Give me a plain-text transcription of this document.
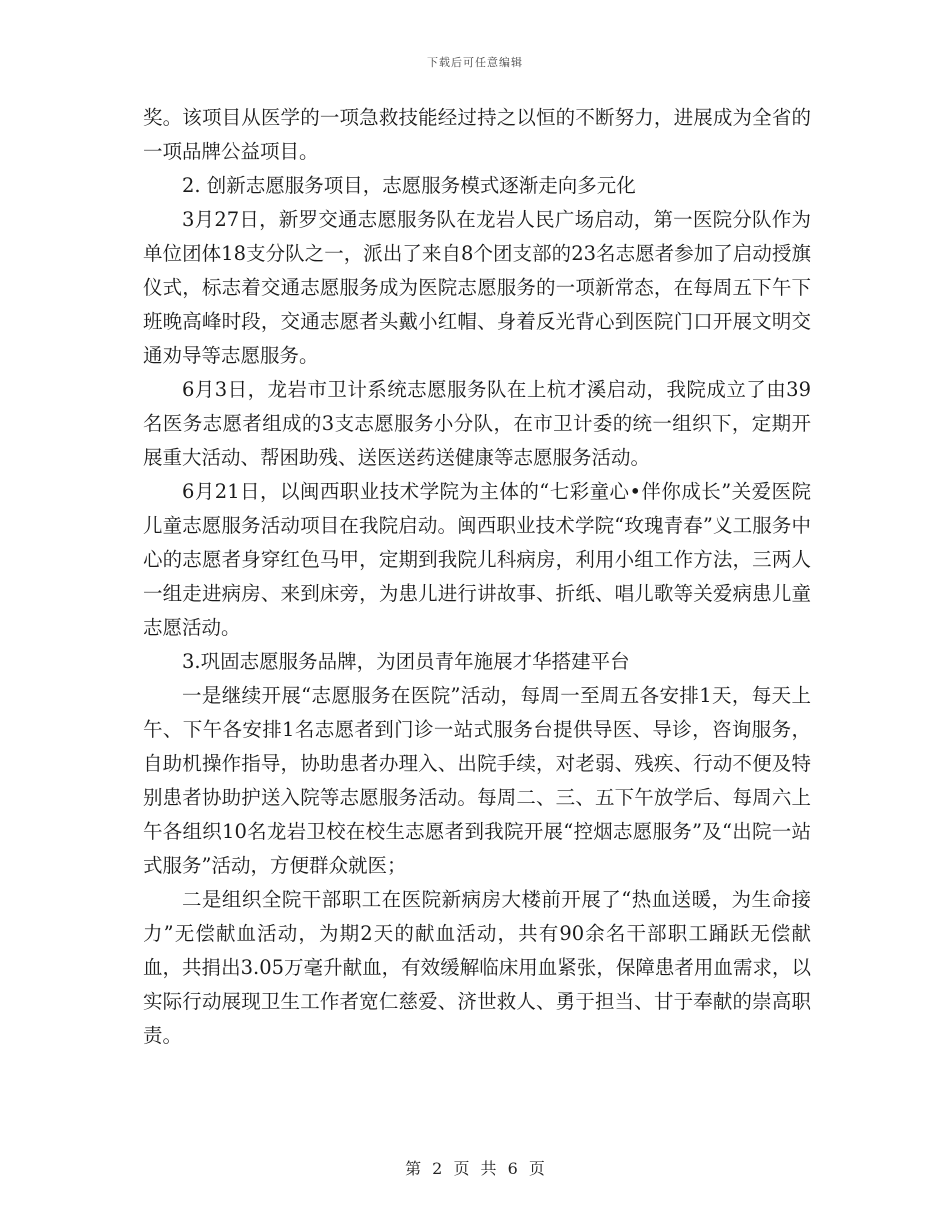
下载后可任意编辑

奖。该项目从医学的一项急救技能经过持之以恒的不断努力，进展成为全省的一项品牌公益项目。

2. 创新志愿服务项目，志愿服务模式逐渐走向多元化

3月27日，新罗交通志愿服务队在龙岩人民广场启动，第一医院分队作为单位团体18支分队之一，派出了来自8个团支部的23名志愿者参加了启动授旗仪式，标志着交通志愿服务成为医院志愿服务的一项新常态，在每周五下午下班晚高峰时段，交通志愿者头戴小红帽、身着反光背心到医院门口开展文明交通劝导等志愿服务。

6月3日，龙岩市卫计系统志愿服务队在上杭才溪启动，我院成立了由39名医务志愿者组成的3支志愿服务小分队，在市卫计委的统一组织下，定期开展重大活动、帮困助残、送医送药送健康等志愿服务活动。

6月21日，以闽西职业技术学院为主体的“七彩童心•伴你成长”关爱医院儿童志愿服务活动项目在我院启动。闽西职业技术学院“玫瑰青春”义工服务中心的志愿者身穿红色马甲，定期到我院儿科病房，利用小组工作方法，三两人一组走进病房、来到床旁，为患儿进行讲故事、折纸、唱儿歌等关爱病患儿童志愿活动。

3.巩固志愿服务品牌，为团员青年施展才华搭建平台

一是继续开展“志愿服务在医院”活动，每周一至周五各安排1天，每天上午、下午各安排1名志愿者到门诊一站式服务台提供导医、导诊，咨询服务，自助机操作指导，协助患者办理入、出院手续，对老弱、残疾、行动不便及特别患者协助护送入院等志愿服务活动。每周二、三、五下午放学后、每周六上午各组织10名龙岩卫校在校生志愿者到我院开展“控烟志愿服务”及“出院一站式服务”活动，方便群众就医；

二是组织全院干部职工在医院新病房大楼前开展了“热血送暖，为生命接力”无偿献血活动，为期2天的献血活动，共有90余名干部职工踊跃无偿献血，共捐出3.05万毫升献血，有效缓解临床用血紧张，保障患者用血需求，以实际行动展现卫生工作者宽仁慈爱、济世救人、勇于担当、甘于奉献的崇高职责。

第 2 页 共 6 页
